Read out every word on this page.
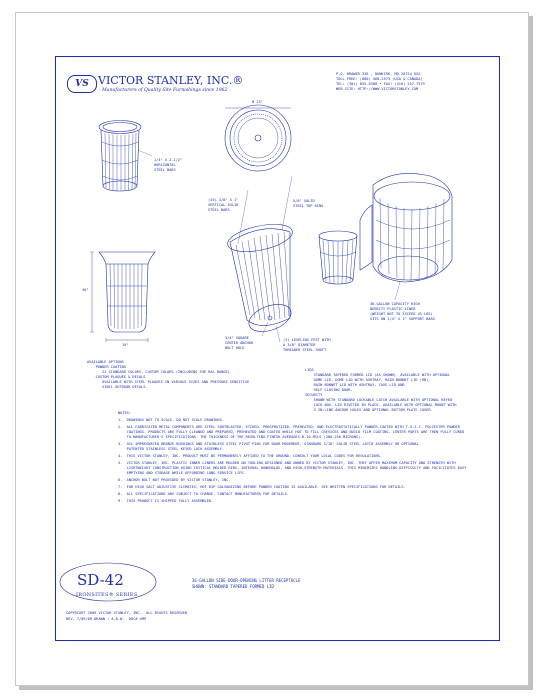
VS VICTOR STANLEY, INC.®
- Manufacturers of Quality Site Furnishings since 1962 -
P.O. DRAWER 330 , DUNKIRK, MD 20754 USA
TOLL FREE: (800) 368-2573 (USA & CANADA)
TEL: (301) 855-8300 • FAX: (410) 257-7579
WEB SITE: HTTP://WWW.VICTORSTANLEY.COM
Ø 23"
1/4" X 2-1/2"
HORIZONTAL
STEEL BARS
(45) 3/8" X 1"
VERTICAL SOLID
STEEL BARS
5/8" SOLID
STEEL TOP RING
40"
19"
3/4" SQUARE
CENTER ANCHOR
BOLT HOLE
(3) LEVELING FEET WITH
A 3/8" DIAMETER
THREADED STEEL SHAFT
36-GALLON CAPACITY HIGH
DENSITY PLASTIC LINER
(WEIGHT NOT TO EXCEED 45 LBS)
SITS ON 1/4" X 2" SUPPORT BARS
AVAILABLE OPTIONS
POWDER COATING
21 STANDARD COLORS, CUSTOM COLORS (INCLUDING THE RAL RANGE).
CUSTOM PLAQUES & DECALS
AVAILABLE WITH STEEL PLAQUES IN VARIOUS SIZES AND PRESSURE SENSITIVE
VINYL OUTDOOR DECALS.
LIDS
STANDARD TAPERED FORMED LID (AS SHOWN). AVAILABLE WITH OPTIONAL
DOME LID, DOME LID WITH ASHTRAY, RAIN BONNET LID (RB),
RAIN BONNET LID WITH ASHTRAY, CAVE LID AND
SELF CLOSING DOOR.
SECURITY
SHOWN WITH STANDARD LOCKABLE LATCH AVAILABLE WITH OPTIONAL KEYED
LOCK BOX. LID RIVETED IN PLACE. AVAILABLE WITH OPTIONAL MOUNT WITH
3 IN-LINE ANCHOR HOLES AND OPTIONAL BOTTOM PLATE COVER.
NOTES:
1.  DRAWINGS NOT TO SCALE. DO NOT SCALE DRAWINGS.
2.  ALL FABRICATED METAL COMPONENTS ARE STEEL SHOTBLASTED, ETCHED, PHOSPHATIZED, PREHEATED, AND ELECTROSTATICALLY POWDER-COATED WITH T.G.I.C. POLYESTER POWDER
COATINGS. PRODUCTS ARE FULLY CLEANED AND PREPARED, PREHEATED AND COATED WHILE HOT TO FILL CREVICES AND BUILD FILM COATING. CENTER PARTS ARE THEN FULLY CURED
TO MANUFACTURER'S SPECIFICATIONS. THE THICKNESS OF THE RESULTING FINISH AVERAGES 8-10 MILS (200-250 MICRONS).
3.  OIL IMPREGNATED BRONZE BUSHINGS AND STAINLESS STEEL PIVOT PINS FOR DOOR MOVEMENT, STANDARD 3/16" SOLID STEEL LATCH ASSEMBLY OR OPTIONAL
PATENTED STAINLESS STEEL KEYED LOCK ASSEMBLY.
4.  THIS VICTOR STANLEY, INC. PRODUCT MUST BE PERMANENTLY AFFIXED TO THE GROUND. CONSULT YOUR LOCAL CODES FOR REGULATIONS.
5.  VICTOR STANLEY, INC. PLASTIC INNER LINERS ARE MOLDED ON TOOLING DESIGNED AND OWNED BY VICTOR STANLEY, INC. THEY OFFER MAXIMUM CAPACITY AND STRENGTH WITH
LIGHTWEIGHT CONSTRUCTION USING CRITICAL MOLDED RIBS, INTEGRAL HANDHOLDS, AND HIGH-STRENGTH MATERIALS. THIS MINIMIZES HANDLING DIFFICULTY AND FACILITATES EASY
EMPTYING AND STORAGE WHILE AFFORDING LONG SERVICE LIFE.
6.  ANCHOR BOLT NOT PROVIDED BY VICTOR STANLEY, INC.
7.  FOR HIGH SALT ADJUSTIVE CLIMATES, HOT DIP GALVANIZING BEFORE POWDER COATING IS AVAILABLE. SEE WRITTEN SPECIFICATIONS FOR DETAILS.
8.  ALL SPECIFICATIONS ARE SUBJECT TO CHANGE. CONTACT MANUFACTURER FOR DETAILS.
9.  THIS PRODUCT IS SHIPPED FULLY ASSEMBLED.
SD-42
IRONSITES® SERIES
36-GALLON SIDE-DOOR-OPENING LITTER RECEPTACLE
SHOWN: STANDARD TAPERED FORMED LID
COPYRIGHT 2009 VICTOR STANLEY, INC.  ALL RIGHTS RESERVED
REV. 7/09/09 DRAWN : A.D.W.  DOC# 4M9
